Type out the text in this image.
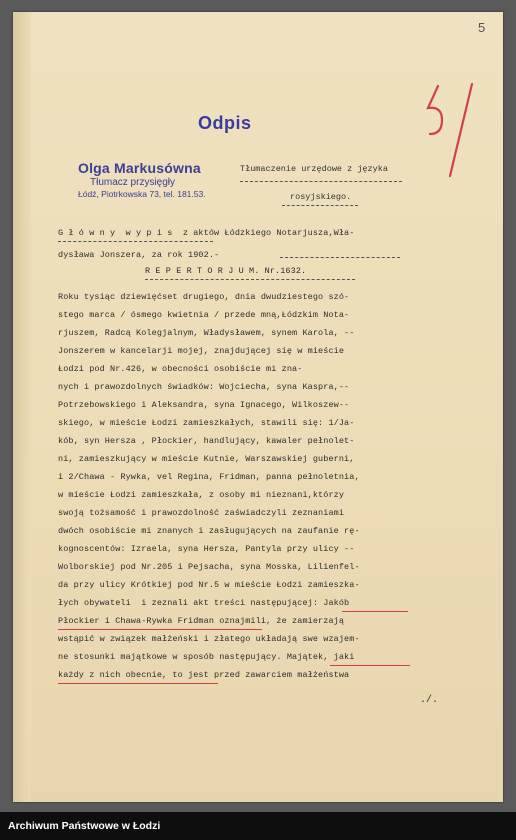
5
Odpis
Olga Markusówna
Tłumacz przysięgły
Łódź, Piotrkowska 73, tel. 181.53.
Tłumaczenie urzędowe z języka
rosyjskiego.
G ł ó w n y  w y p i s  z aktów Łódzkiego Notarjusza,Wła-
dysława Jonszera, za rok 1902.-
R E P E R T O R J U M. Nr.1632.
Roku tysiąc dziewięćset drugiego, dnia dwudziestego szó-
stego marca / ósmego kwietnia / przede mną,Łódzkim Nota-
rjuszem, Radcą Kolegjalnym, Władysławem, synem Karola, --
Jonszerem w kancelarji mojej, znajdującej się w mieście
Łodzi pod Nr.426, w obecności osobiście mi zna-
nych i prawozdolnych świadków: Wojciecha, syna Kaspra,--
Potrzebowskiego i Aleksandra, syna Ignacego, Wilkoszew--
skiego, w mieście Łodzi zamieszkałych, stawili się: 1/Ja-
kób, syn Hersza , Płockier, handlujący, kawaler pełnolet-
ni, zamieszkujący w mieście Kutnie, Warszawskiej guberni,
i 2/Chawa - Rywka, vel Regina, Fridman, panna pełnoletnia,
w mieście Łodzi zamieszkała, z osoby mi nieznani,którzy
swoją tożsamość i prawozdolność zaświadczyli zeznaniami
dwóch osobiście mi znanych i zasługujących na zaufanie rę-
kognoscentów: Izraela, syna Hersza, Pantyla przy ulicy --
Wolborskiej pod Nr.205 i Pejsacha, syna Mosska, Lilienfel-
da przy ulicy Krótkiej pod Nr.5 w mieście Łodzi zamieszka-
łych obywateli  i zeznali akt treści następującej: Jakób
Płockier i Chawa-Rywka Fridman oznajmili, że zamierzają
wstąpić w związek małżeński i złatego układają swe wzajem-
ne stosunki majątkowe w sposób następujący. Majątek, jaki
każdy z nich obecnie, to jest przed zawarciem małżeństwa
./.
Archiwum Państwowe w Łodzi
